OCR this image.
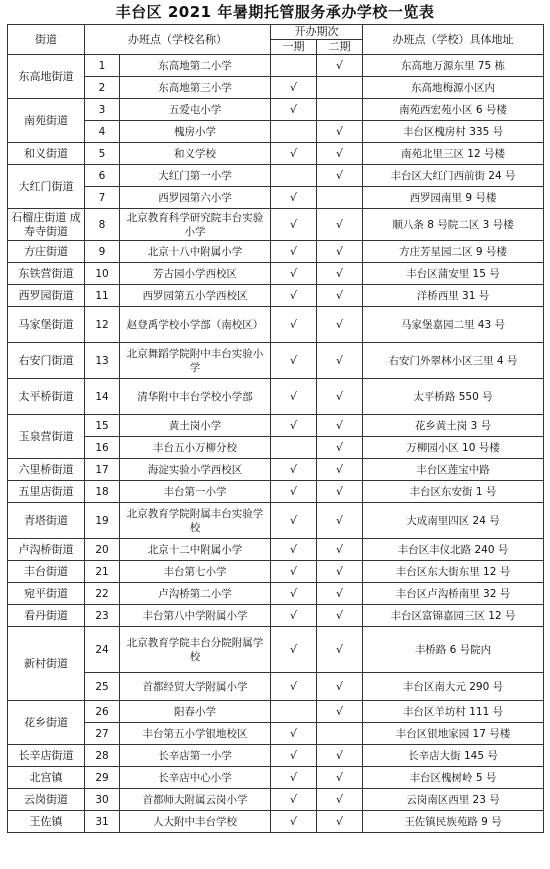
丰台区 2021 年暑期托管服务承办学校一览表
街道	办班点（学校名称）		开办期次		办班点（学校）具体地址
			一期	二期	
东高地街道	1	东高地第二小学		√	东高地万源东里 75 栋
	2	东高地第三小学	√		东高地梅源小区内
南苑街道	3	五爱屯小学	√		南苑西宏苑小区 6 号楼
	4	槐房小学		√	丰台区槐房村 335 号
和义街道	5	和义学校	√	√	南苑北里三区 12 号楼
大红门街道	6	大红门第一小学		√	丰台区大红门西前街 24 号
	7	西罗园第六小学	√		西罗园南里 9 号楼
石榴庄街道 成寿寺街道	8	北京教育科学研究院丰台实验小学	√	√	顺八条 8 号院二区 3 号楼
方庄街道	9	北京十八中附属小学	√	√	方庄芳星园二区 9 号楼
东铁营街道	10	芳古园小学西校区	√	√	丰台区蒲安里 15 号
西罗园街道	11	西罗园第五小学西校区	√	√	洋桥西里 31 号
马家堡街道	12	赵登禹学校小学部（南校区）	√	√	马家堡嘉园二里 43 号
右安门街道	13	北京舞蹈学院附中丰台实验小学	√	√	右安门外翠林小区三里 4 号
太平桥街道	14	清华附中丰台学校小学部	√	√	太平桥路 550 号
玉泉营街道	15	黄土岗小学	√	√	花乡黄土岗 3 号
	16	丰台五小万柳分校		√	万柳园小区 10 号楼
六里桥街道	17	海淀实验小学西校区	√	√	丰台区莲宝中路
五里店街道	18	丰台第一小学	√	√	丰台区东安街 1 号
青塔街道	19	北京教育学院附属丰台实验学校	√	√	大成南里四区 24 号
卢沟桥街道	20	北京十二中附属小学	√	√	丰台区丰仪北路 240 号
丰台街道	21	丰台第七小学	√	√	丰台区东大街东里 12 号
宛平街道	22	卢沟桥第二小学	√	√	丰台区卢沟桥南里 32 号
看丹街道	23	丰台第八中学附属小学	√	√	丰台区富锦嘉园三区 12 号
新村街道	24	北京教育学院丰台分院附属学校	√	√	丰桥路 6 号院内
	25	首都经贸大学附属小学	√	√	丰台区南大元 290 号
花乡街道	26	阳春小学		√	丰台区羊坊村 111 号
	27	丰台第五小学银地校区	√		丰台区银地家园 17 号楼
长辛店街道	28	长辛店第一小学	√	√	长辛店大街 145 号
北宫镇	29	长辛店中心小学	√	√	丰台区槐树岭 5 号
云岗街道	30	首都师大附属云岗小学	√	√	云岗南区西里 23 号
王佐镇	31	人大附中丰台学校	√	√	王佐镇民族苑路 9 号
